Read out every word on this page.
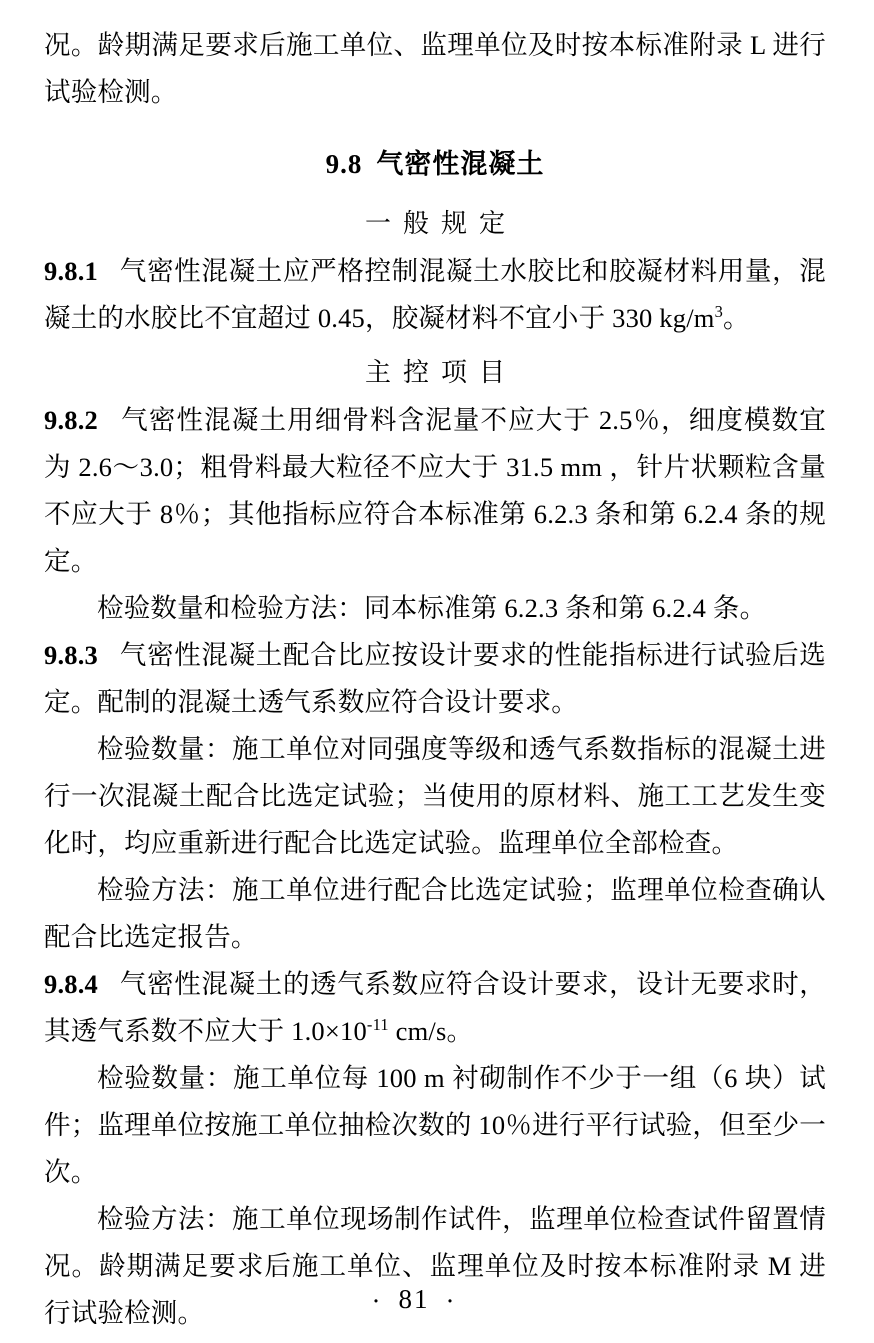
况。龄期满足要求后施工单位、监理单位及时按本标准附录 L 进行试验检测。

9.8 气密性混凝土
一般规定

9.8.1 气密性混凝土应严格控制混凝土水胶比和胶凝材料用量，混凝土的水胶比不宜超过 0.45，胶凝材料不宜小于 330 $kg/m^3$。

主控项目

9.8.2 气密性混凝土用细骨料含泥量不应大于 2.5％，细度模数宜为 2.6～3.0；粗骨料最大粒径不应大于 31.5 mm ，针片状颗粒含量不应大于 8％；其他指标应符合本标准第 6.2.3 条和第 6.2.4 条的规定。

检验数量和检验方法：同本标准第 6.2.3 条和第 6.2.4 条。

9.8.3 气密性混凝土配合比应按设计要求的性能指标进行试验后选定。配制的混凝土透气系数应符合设计要求。

检验数量：施工单位对同强度等级和透气系数指标的混凝土进行一次混凝土配合比选定试验；当使用的原材料、施工工艺发生变化时，均应重新进行配合比选定试验。监理单位全部检查。

检验方法：施工单位进行配合比选定试验；监理单位检查确认配合比选定报告。

9.8.4 气密性混凝土的透气系数应符合设计要求，设计无要求时，其透气系数不应大于 $1.0\times 10^{-11}$ cm/s。

检验数量：施工单位每 100 m 衬砌制作不少于一组（6 块）试件；监理单位按施工单位抽检次数的 10％进行平行试验，但至少一次。

检验方法：施工单位现场制作试件，监理单位检查试件留置情况。龄期满足要求后施工单位、监理单位及时按本标准附录 M 进行试验检测。	· 81 ·
